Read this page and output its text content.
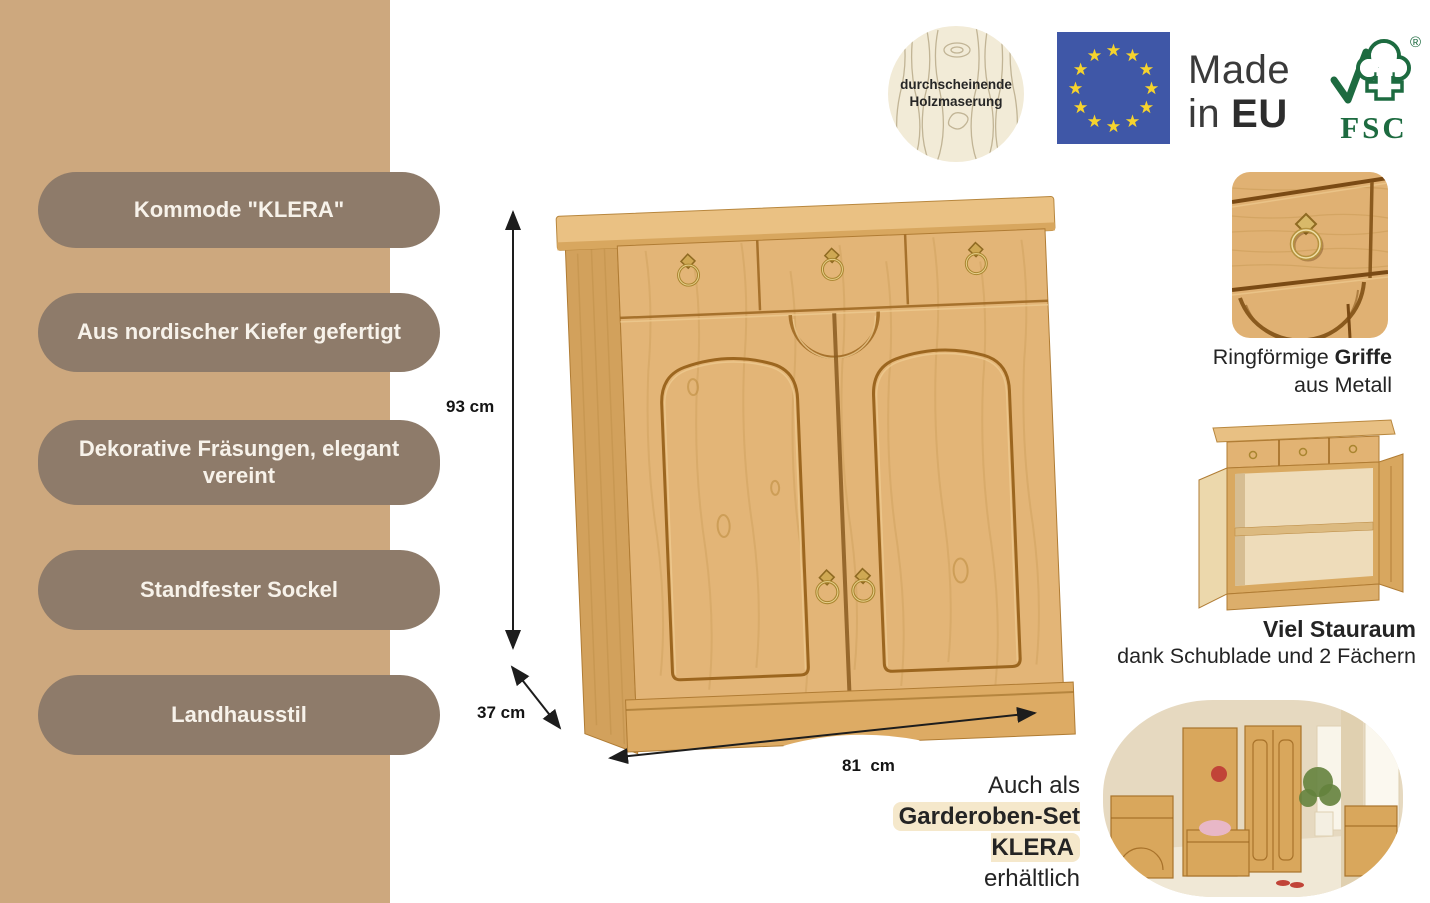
Kommode "KLERA"
Aus nordischer Kiefer gefertigt
Dekorative Fräsungen, elegant vereint
Standfester Sockel
Landhausstil
durchscheinende
Holzmaserung
Made
in EU	FSC
®
93 cm
37 cm
81  cm
Ringförmige Griffe
aus Metall
Viel Stauraum
dank Schublade und 2 Fächern
Auch als
Garderoben-Set KLERA
erhältlich
